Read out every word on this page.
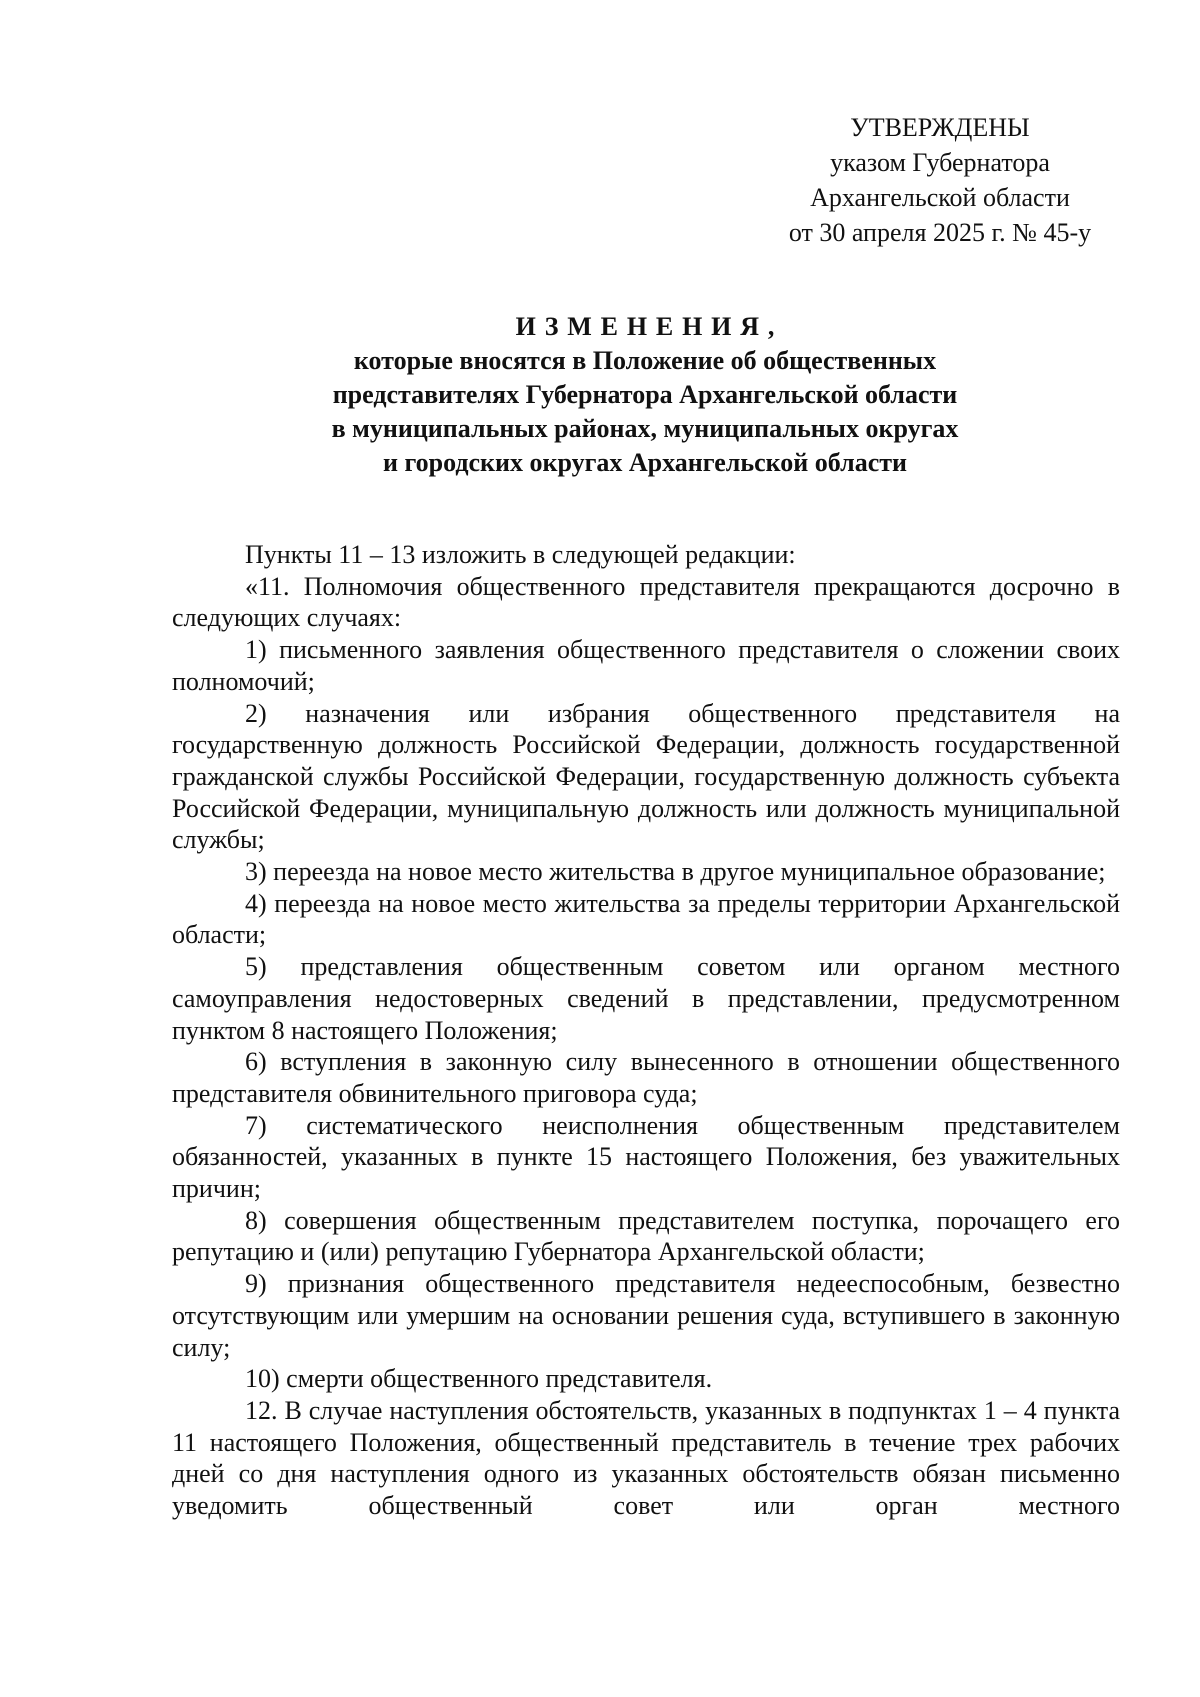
УТВЕРЖДЕНЫ
указом Губернатора
Архангельской области
от 30 апреля 2025 г. № 45-у
ИЗМЕНЕНИЯ,
которые вносятся в Положение об общественных
представителях Губернатора Архангельской области
в муниципальных районах, муниципальных округах
и городских округах Архангельской области

Пункты 11 – 13 изложить в следующей редакции:

«11. Полномочия общественного представителя прекращаются досрочно в следующих случаях:

1) письменного заявления общественного представителя о сложении своих полномочий;

2) назначения или избрания общественного представителя на государственную должность Российской Федерации, должность государственной гражданской службы Российской Федерации, государственную должность субъекта Российской Федерации, муниципальную должность или должность муниципальной службы;

3) переезда на новое место жительства в другое муниципальное образование;

4) переезда на новое место жительства за пределы территории Архангельской области;

5) представления общественным советом или органом местного самоуправления недостоверных сведений в представлении, предусмотренном пунктом 8 настоящего Положения;

6) вступления в законную силу вынесенного в отношении общественного представителя обвинительного приговора суда;

7) систематического неисполнения общественным представителем обязанностей, указанных в пункте 15 настоящего Положения, без уважительных причин;

8) совершения общественным представителем поступка, порочащего его репутацию и (или) репутацию Губернатора Архангельской области;

9) признания общественного представителя недееспособным, безвестно отсутствующим или умершим на основании решения суда, вступившего в законную силу;

10) смерти общественного представителя.

12. В случае наступления обстоятельств, указанных в подпунктах 1 – 4 пункта 11 настоящего Положения, общественный представитель в течение трех рабочих дней со дня наступления одного из указанных обстоятельств обязан письменно уведомить общественный совет или орган местного
